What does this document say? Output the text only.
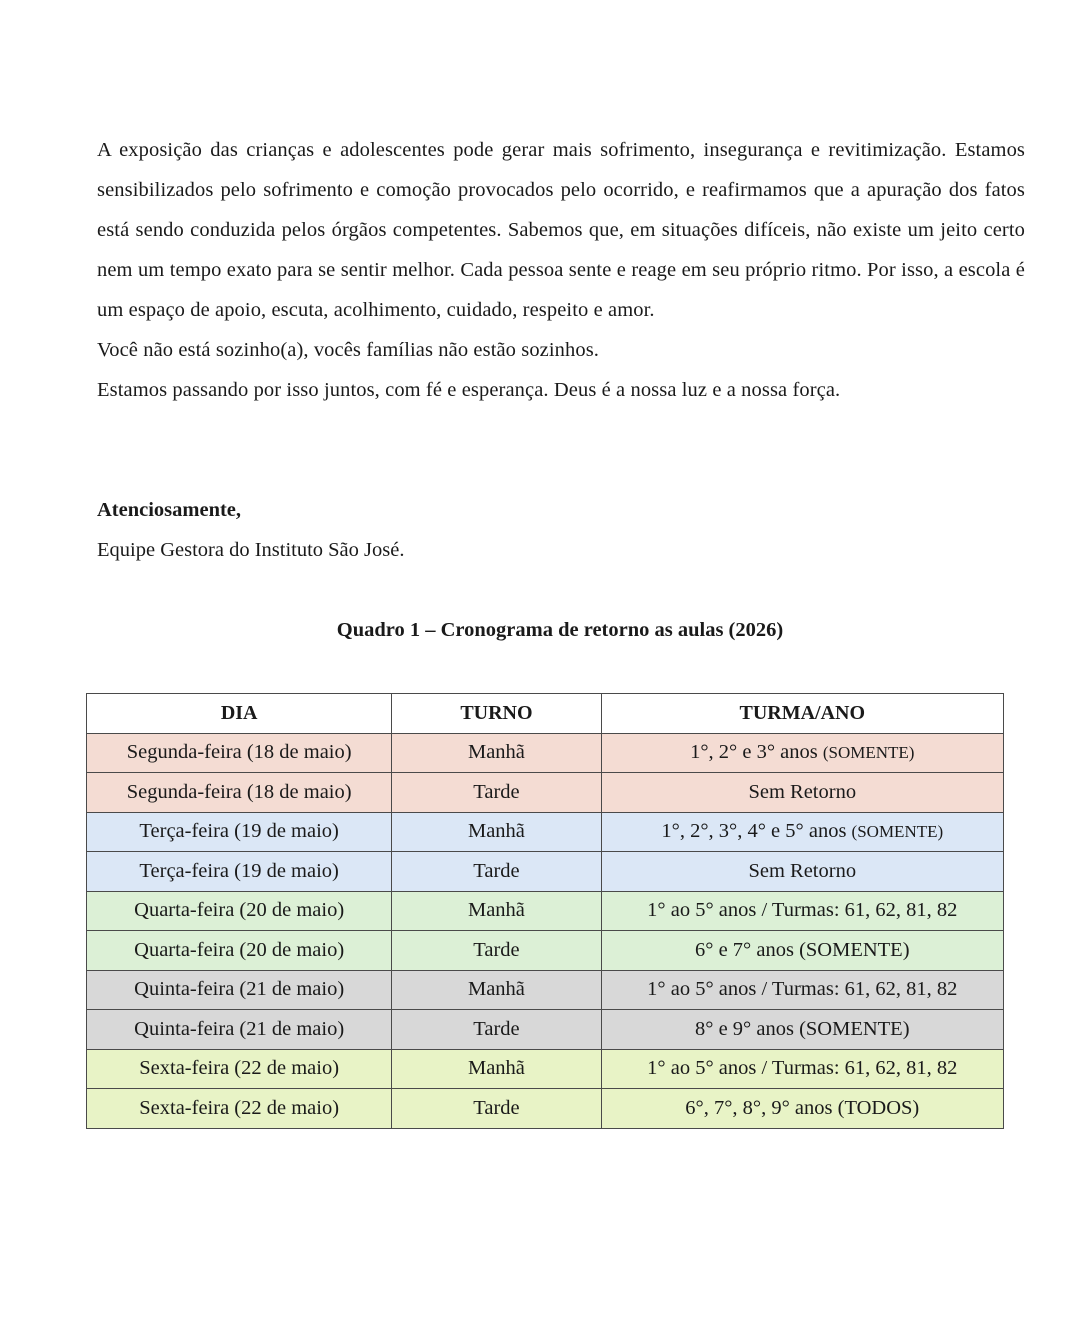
A exposição das crianças e adolescentes pode gerar mais sofrimento, insegurança e revitimização. Estamos sensibilizados pelo sofrimento e comoção provocados pelo ocorrido, e reafirmamos que a apuração dos fatos está sendo conduzida pelos órgãos competentes. Sabemos que, em situações difíceis, não existe um jeito certo nem um tempo exato para se sentir melhor. Cada pessoa sente e reage em seu próprio ritmo. Por isso, a escola é um espaço de apoio, escuta, acolhimento, cuidado, respeito e amor.

Você não está sozinho(a), vocês famílias não estão sozinhos.

Estamos passando por isso juntos, com fé e esperança. Deus é a nossa luz e a nossa força.

Atenciosamente,

Equipe Gestora do Instituto São José.

Quadro 1 – Cronograma de retorno as aulas (2026)

DIA	TURNO	TURMA/ANO
Segunda-feira (18 de maio)	Manhã	1°, 2° e 3° anos (SOMENTE)
Segunda-feira (18 de maio)	Tarde	Sem Retorno
Terça-feira (19 de maio)	Manhã	1°, 2°, 3°, 4° e 5° anos (SOMENTE)
Terça-feira (19 de maio)	Tarde	Sem Retorno
Quarta-feira (20 de maio)	Manhã	1° ao 5° anos / Turmas: 61, 62, 81, 82
Quarta-feira (20 de maio)	Tarde	6° e 7° anos (SOMENTE)
Quinta-feira (21 de maio)	Manhã	1° ao 5° anos / Turmas: 61, 62, 81, 82
Quinta-feira (21 de maio)	Tarde	8° e 9° anos (SOMENTE)
Sexta-feira (22 de maio)	Manhã	1° ao 5° anos / Turmas: 61, 62, 81, 82
Sexta-feira (22 de maio)	Tarde	6°, 7°, 8°, 9° anos (TODOS)
